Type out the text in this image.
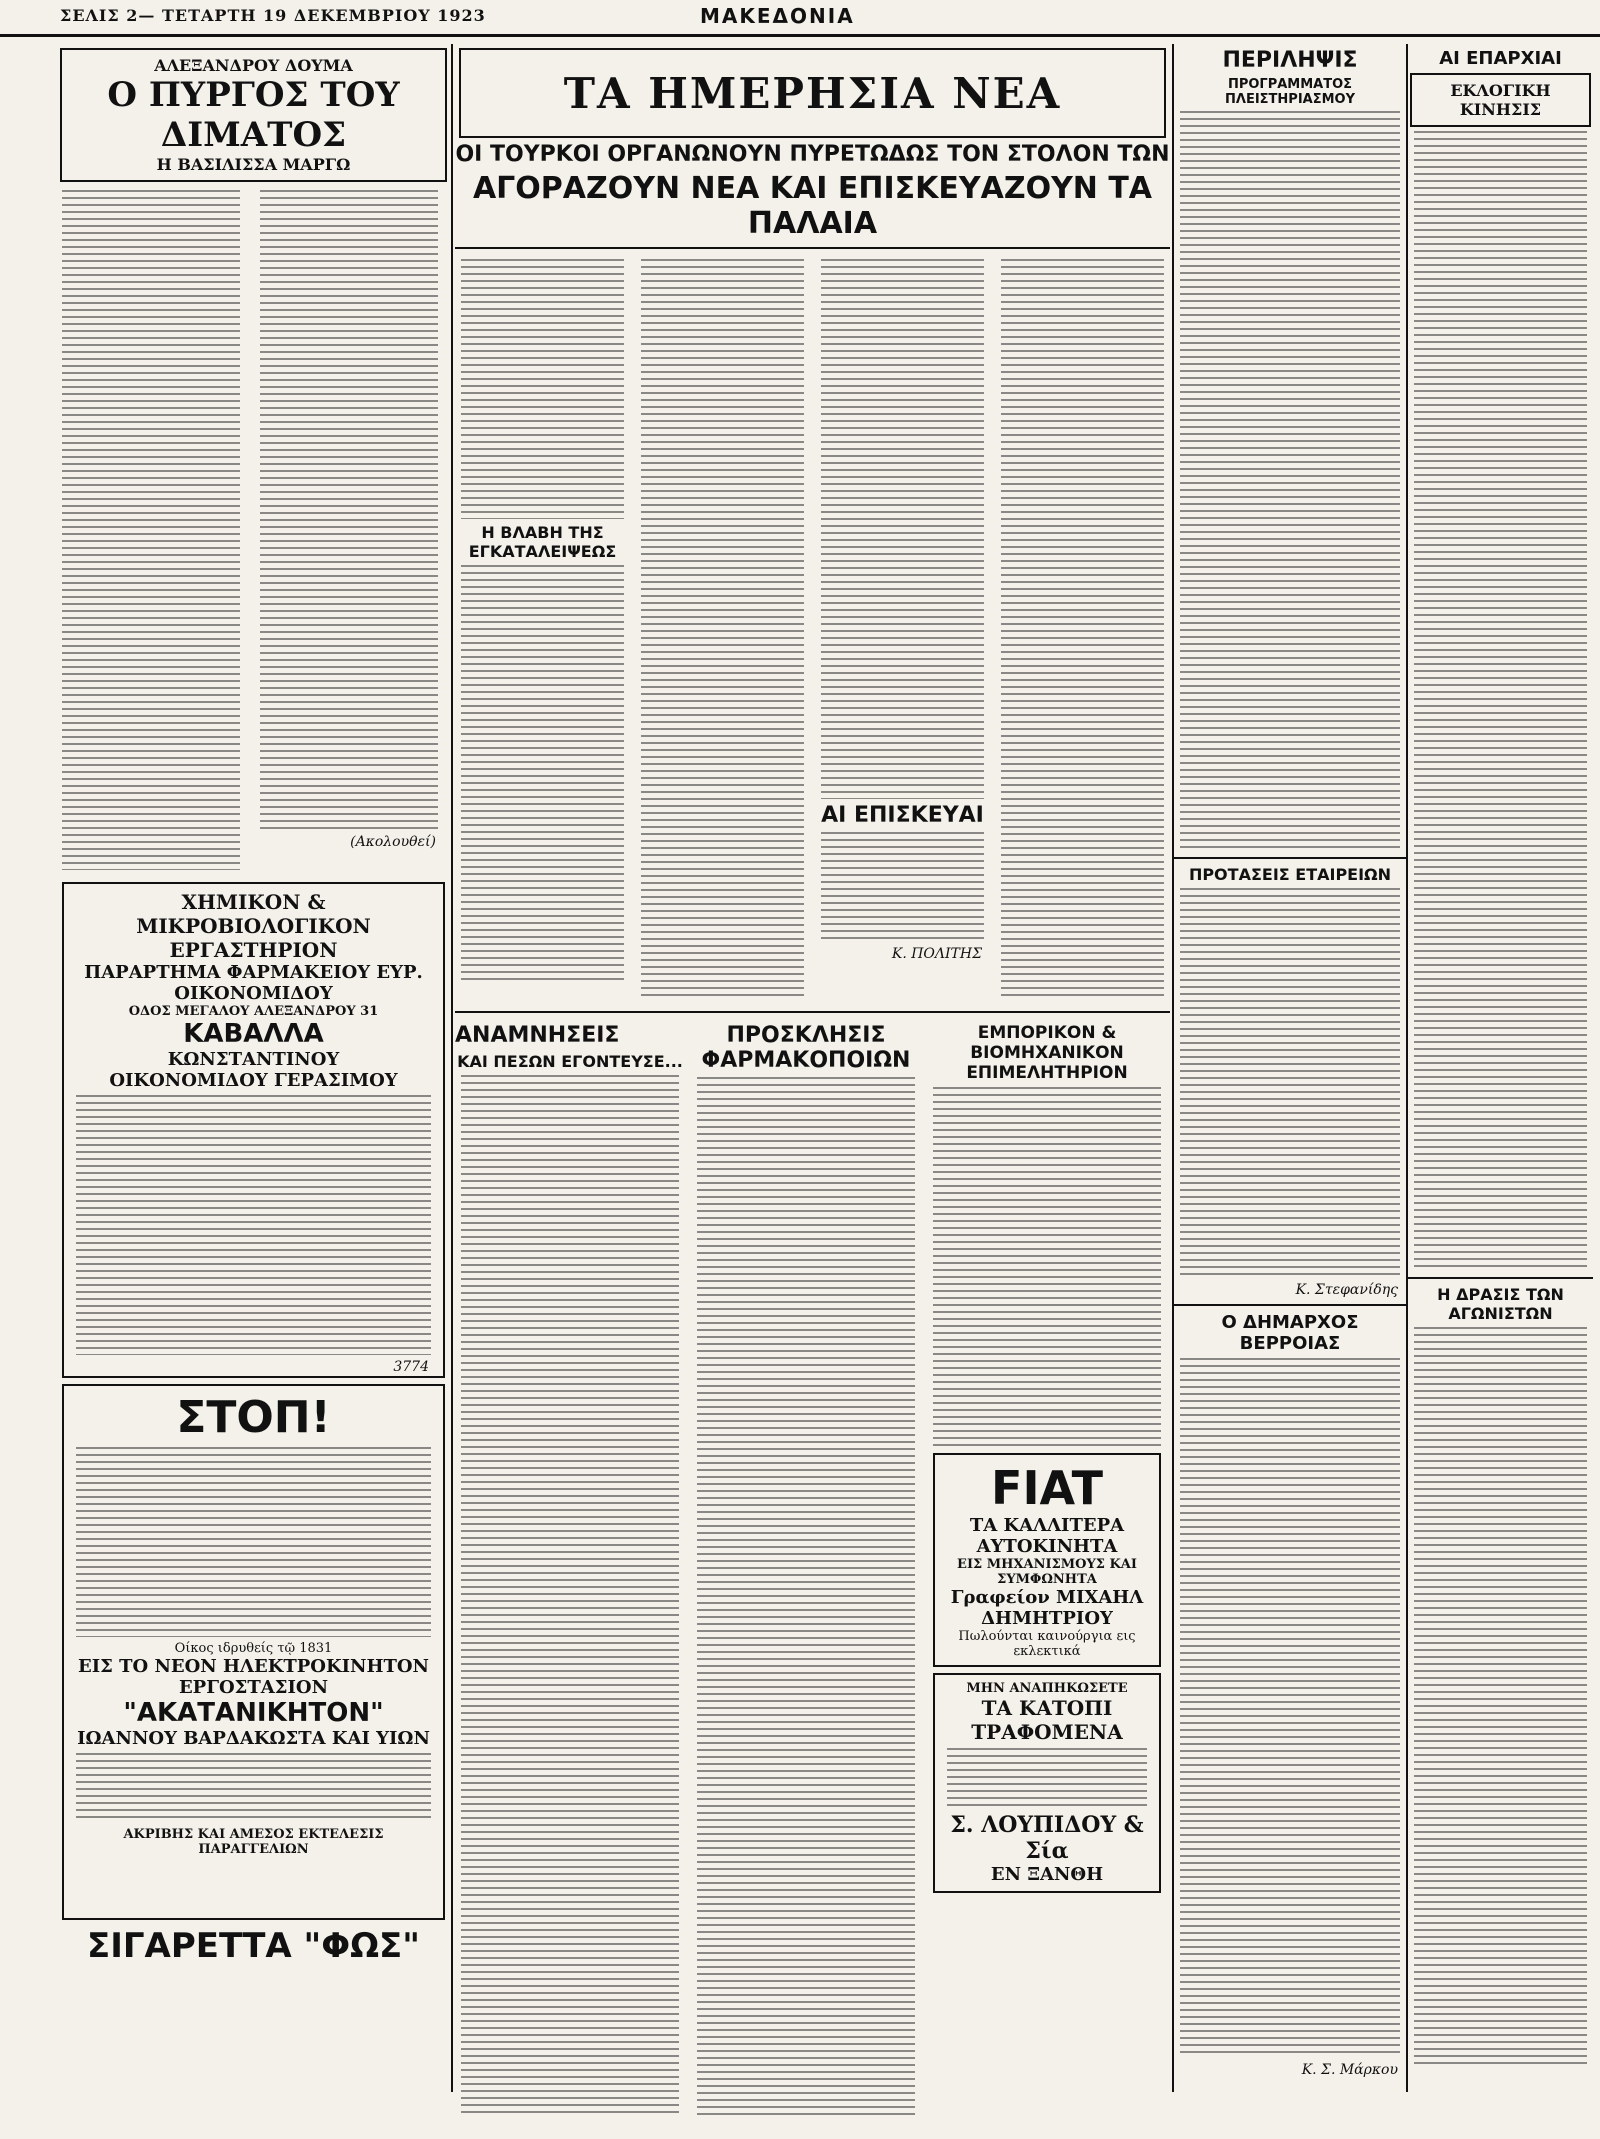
ΣΕΛΙΣ 2— ΤΕΤΑΡΤΗ 19 ΔΕΚΕΜΒΡΙΟΥ 1923	ΜΑΚΕΔΟΝΙΑ
ΑΛΕΞΑΝΔΡΟΥ ΔΟΥΜΑ
Ο ΠΥΡΓΟΣ ΤΟΥ ΔΙΜΑΤΟΣ
Η ΒΑΣΙΛΙΣΣΑ ΜΑΡΓΩ
(Ακολουθεί)
ΧΗΜΙΚΟΝ & ΜΙΚΡΟΒΙΟΛΟΓΙΚΟΝ ΕΡΓΑΣΤΗΡΙΟΝ
ΠΑΡΑΡΤΗΜΑ ΦΑΡΜΑΚΕΙΟΥ ΕΥΡ. ΟΙΚΟΝΟΜΙΔΟΥ
ΟΔΟΣ ΜΕΓΑΛΟΥ ΑΛΕΞΑΝΔΡΟΥ 31
ΚΑΒΑΛΛΑ
ΚΩΝΣΤΑΝΤΙΝΟΥ
ΟΙΚΟΝΟΜΙΔΟΥ ΓΕΡΑΣΙΜΟΥ
3774
ΣΤΟΠ!
Οίκος ιδρυθείς τῷ 1831
ΕΙΣ ΤΟ ΝΕΟΝ ΗΛΕΚΤΡΟΚΙΝΗΤΟΝ ΕΡΓΟΣΤΑΣΙΟΝ
"ΑΚΑΤΑΝΙΚΗΤΟΝ"
ΙΩΑΝΝΟΥ ΒΑΡΔΑΚΩΣΤΑ ΚΑΙ ΥΙΩΝ
ΑΚΡΙΒΗΣ ΚΑΙ ΑΜΕΣΟΣ ΕΚΤΕΛΕΣΙΣ ΠΑΡΑΓΓΕΛΙΩΝ
ΣΙΓΑΡΕΤΤΑ "ΦΩΣ"
ΤΑ ΗΜΕΡΗΣΙΑ ΝΕΑ
ΟΙ ΤΟΥΡΚΟΙ ΟΡΓΑΝΩΝΟΥΝ ΠΥΡΕΤΩΔΩΣ ΤΟΝ ΣΤΟΛΟΝ ΤΩΝ
ΑΓΟΡΑΖΟΥΝ ΝΕΑ ΚΑΙ ΕΠΙΣΚΕΥΑΖΟΥΝ ΤΑ ΠΑΛΑΙΑ
Η ΒΛΑΒΗ ΤΗΣ ΕΓΚΑΤΑΛΕΙΨΕΩΣ
ΑΙ ΕΠΙΣΚΕΥΑΙ
Κ. ΠΟΛΙΤΗΣ
ΑΝΑΜΝΗΣΕΙΣ
ΚΑΙ ΠΕΣΩΝ ΕΓΟΝΤΕΥΣΕ...
ΠΡΟΣΚΛΗΣΙΣ ΦΑΡΜΑΚΟΠΟΙΩΝ
ΕΜΠΟΡΙΚΟΝ & ΒΙΟΜΗΧΑΝΙΚΟΝ ΕΠΙΜΕΛΗΤΗΡΙΟΝ
FIAT
ΤΑ ΚΑΛΛΙΤΕΡΑ ΑΥΤΟΚΙΝΗΤΑ
ΕΙΣ ΜΗΧΑΝΙΣΜΟΥΣ ΚΑΙ ΣΥΜΦΩΝΗΤΑ
Γραφείον ΜΙΧΑΗΛ ΔΗΜΗΤΡΙΟΥ
Πωλούνται καινούργια εις εκλεκτικά
ΜΗΝ ΑΝΑΠΗΚΩΣΕΤΕ
ΤΑ ΚΑΤΟΠΙ ΤΡΑΦΟΜΕΝΑ
Σ. ΛΟΥΠΙΔΟΥ & Σία
ΕΝ ΞΑΝΘΗ
ΠΕΡΙΛΗΨΙΣ
ΠΡΟΓΡΑΜΜΑΤΟΣ ΠΛΕΙΣΤΗΡΙΑΣΜΟΥ
ΠΡΟΤΑΣΕΙΣ ΕΤΑΙΡΕΙΩΝ
Κ. Στεφανίδης
Ο ΔΗΜΑΡΧΟΣ ΒΕΡΡΟΙΑΣ
Κ. Σ. Μάρκου
ΑΙ ΕΠΑΡΧΙΑΙ
ΕΚΛΟΓΙΚΗ ΚΙΝΗΣΙΣ
Η ΔΡΑΣΙΣ ΤΩΝ ΑΓΩΝΙΣΤΩΝ
